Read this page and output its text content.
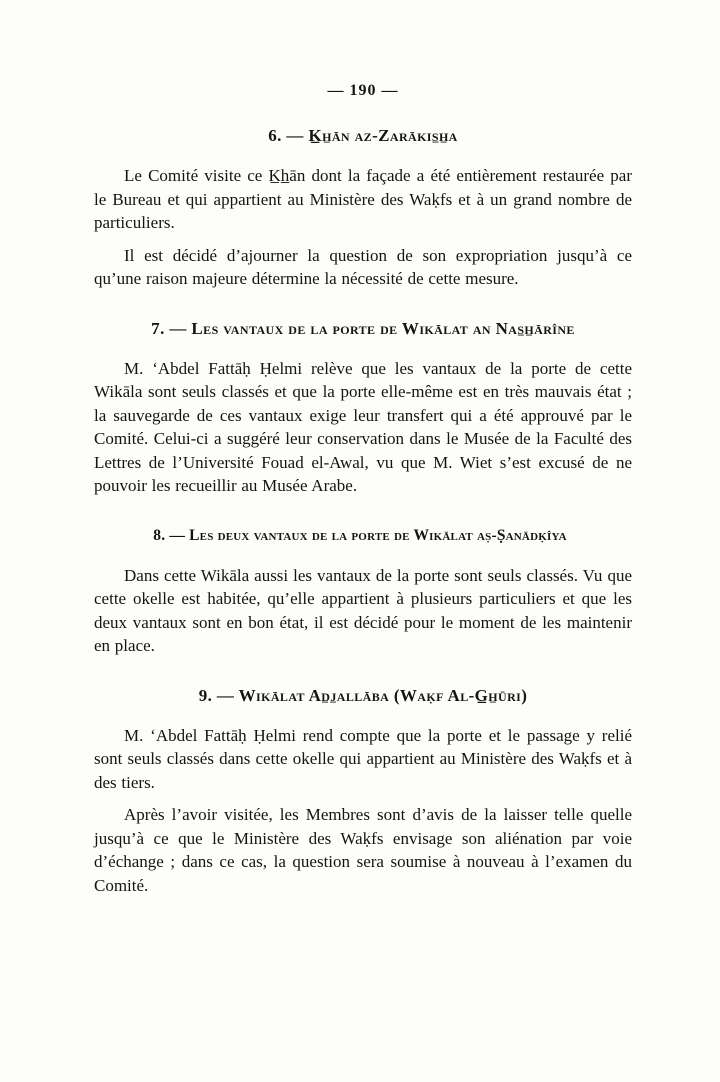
— 190 —
6. — K̲h̲ān az-Zarākis̲h̲a

Le Comité visite ce K̲h̲ān dont la façade a été entièrement restaurée par le Bureau et qui appartient au Ministère des Waḳfs et à un grand nombre de particuliers.

Il est décidé d’ajourner la question de son expropriation jusqu’à ce qu’une raison majeure détermine la nécessité de cette mesure.

7. — Les vantaux de la porte de Wikālat an Nas̲h̲ārîne

M. ‘Abdel Fattāḥ Ḥelmi relève que les vantaux de la porte de cette Wikāla sont seuls classés et que la porte elle-même est en très mauvais état ; la sauvegarde de ces vantaux exige leur transfert qui a été approuvé par le Comité. Celui-ci a suggéré leur conservation dans le Musée de la Faculté des Lettres de l’Université Fouad el-Awal, vu que M. Wiet s’est excusé de ne pouvoir les recueillir au Musée Arabe.

8. — Les deux vantaux de la porte de Wikālat aṣ-Ṣanādḳîya

Dans cette Wikāla aussi les vantaux de la porte sont seuls classés. Vu que cette okelle est habitée, qu’elle appartient à plusieurs particuliers et que les deux vantaux sont en bon état, il est décidé pour le moment de les maintenir en place.

9. — Wikālat Ad̲j̲allāba (Waḳf Al-G̲h̲ūri)

M. ‘Abdel Fattāḥ Ḥelmi rend compte que la porte et le passage y relié sont seuls classés dans cette okelle qui appartient au Ministère des Waḳfs et à des tiers.

Après l’avoir visitée, les Membres sont d’avis de la laisser telle quelle jusqu’à ce que le Ministère des Waḳfs envisage son aliénation par voie d’échange ; dans ce cas, la question sera soumise à nouveau à l’examen du Comité.
